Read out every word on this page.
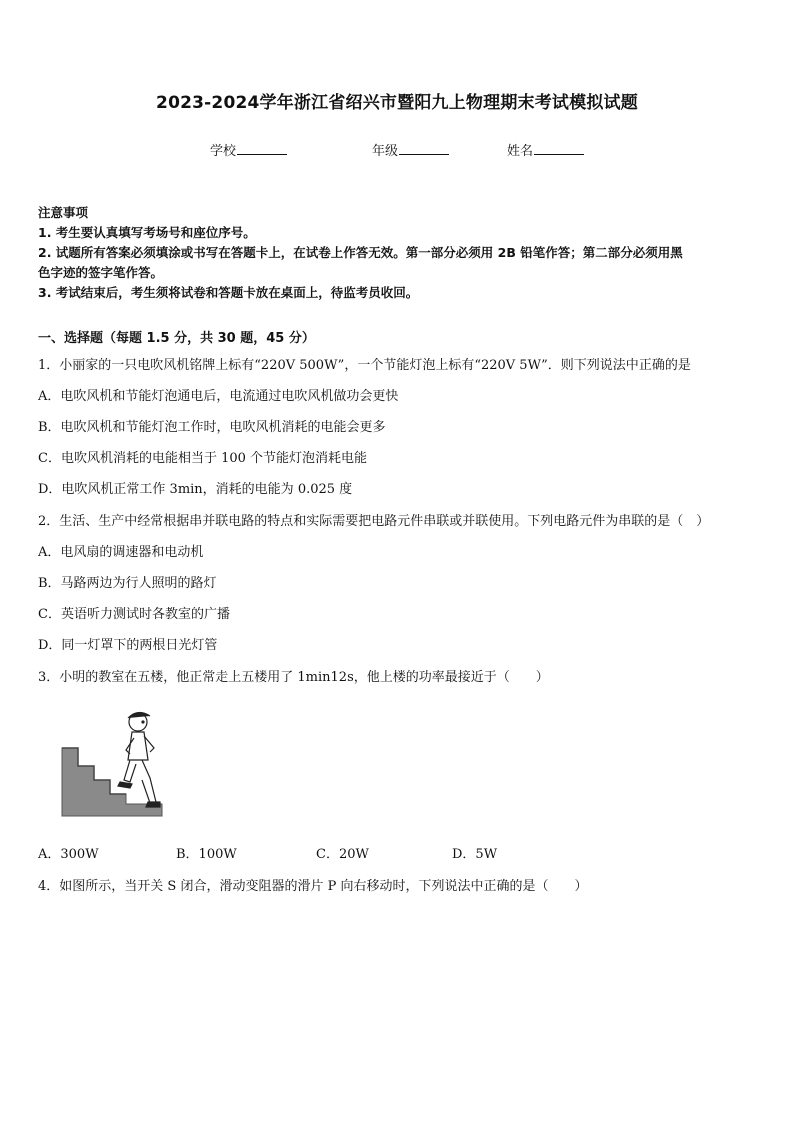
2023-2024学年浙江省绍兴市暨阳九上物理期末考试模拟试题
学校	年级	姓名
注意事项
1. 考生要认真填写考场号和座位序号。
2. 试题所有答案必须填涂或书写在答题卡上，在试卷上作答无效。第一部分必须用 2B 铅笔作答；第二部分必须用黑
色字迹的签字笔作答。
3. 考试结束后，考生须将试卷和答题卡放在桌面上，待监考员收回。
一、选择题（每题 1.5 分，共 30 题，45 分）
1．小丽家的一只电吹风机铭牌上标有“220V 500W”，一个节能灯泡上标有“220V 5W”．则下列说法中正确的是
A．电吹风机和节能灯泡通电后，电流通过电吹风机做功会更快
B．电吹风机和节能灯泡工作时，电吹风机消耗的电能会更多
C．电吹风机消耗的电能相当于 100 个节能灯泡消耗电能
D．电吹风机正常工作 3min，消耗的电能为 0.025 度
2．生活、生产中经常根据串并联电路的特点和实际需要把电路元件串联或并联使用。下列电路元件为串联的是（　）
A．电风扇的调速器和电动机
B．马路两边为行人照明的路灯
C．英语听力测试时各教室的广播
D．同一灯罩下的两根日光灯管
3．小明的教室在五楼，他正常走上五楼用了 1min12s，他上楼的功率最接近于（　　）
A．300W	B．100W	C．20W	D．5W
4．如图所示，当开关 S 闭合，滑动变阻器的滑片 P 向右移动时，下列说法中正确的是（　　）
